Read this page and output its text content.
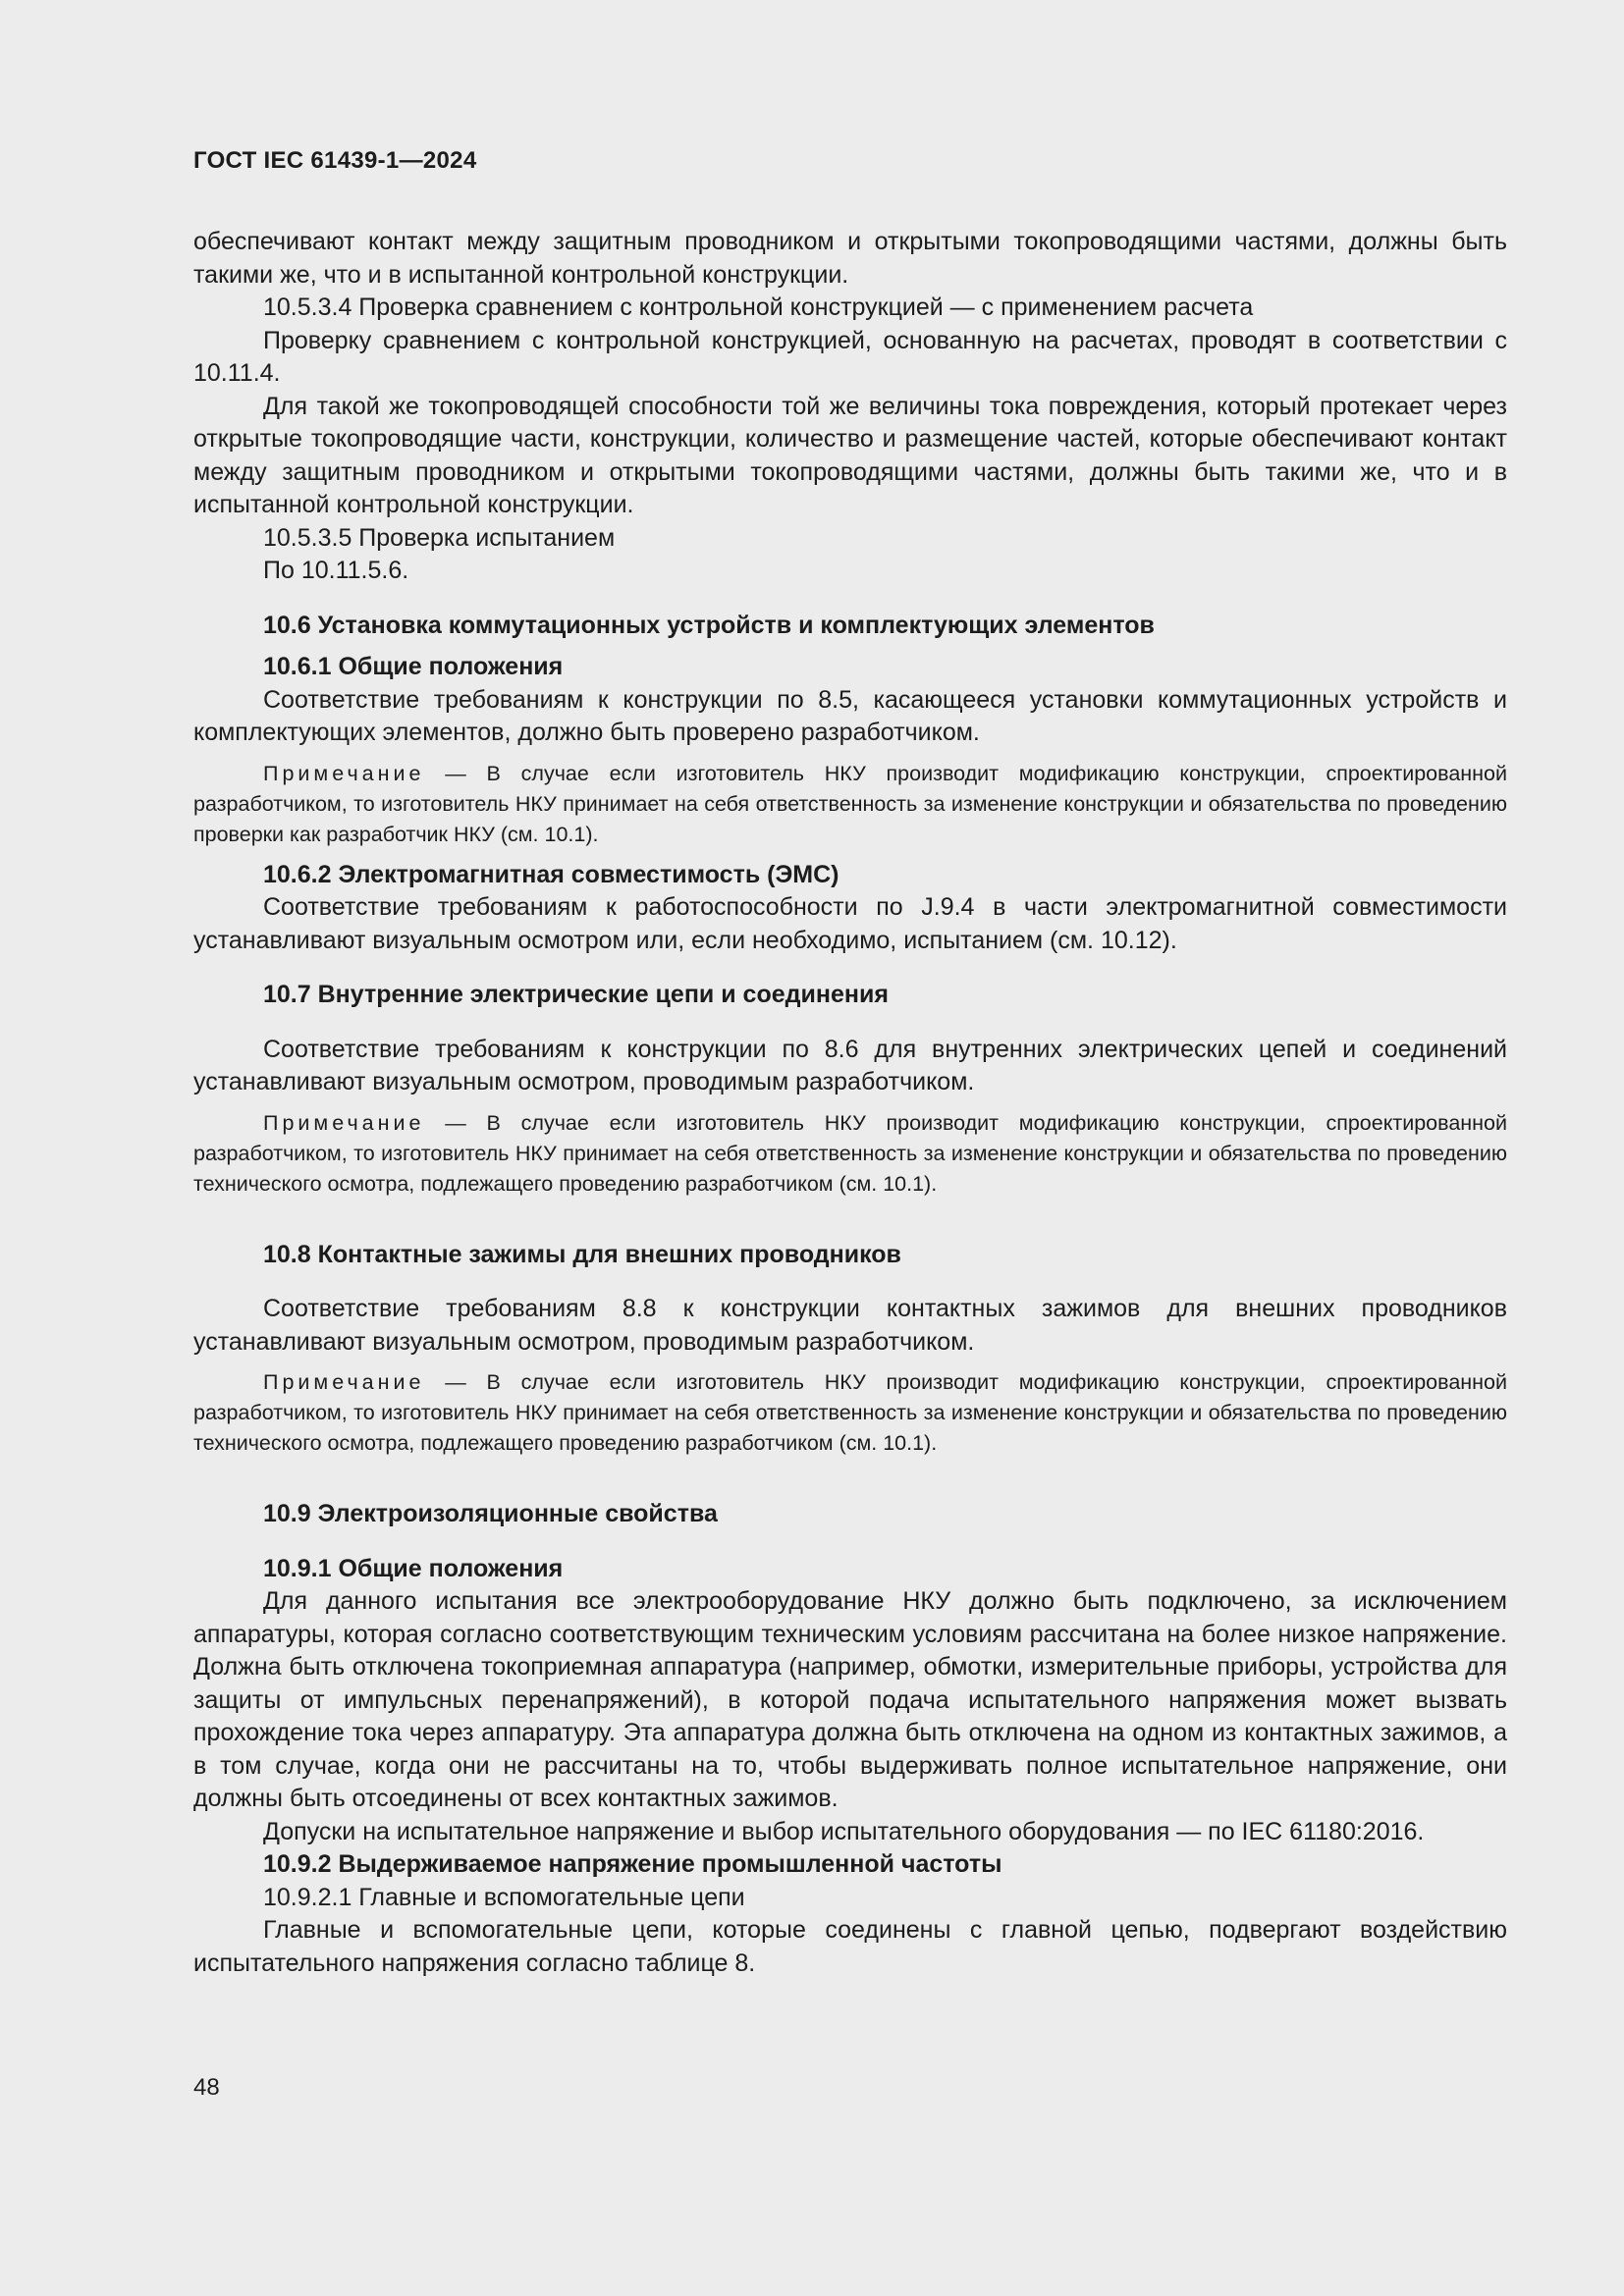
ГОСТ IEC 61439-1—2024

обеспечивают контакт между защитным проводником и открытыми токопроводящими частями, должны быть такими же, что и в испытанной контрольной конструкции.

10.5.3.4 Проверка сравнением с контрольной конструкцией — с применением расчета

Проверку сравнением с контрольной конструкцией, основанную на расчетах, проводят в соответствии с 10.11.4.

Для такой же токопроводящей способности той же величины тока повреждения, который протекает через открытые токопроводящие части, конструкции, количество и размещение частей, которые обеспечивают контакт между защитным проводником и открытыми токопроводящими частями, должны быть такими же, что и в испытанной контрольной конструкции.

10.5.3.5 Проверка испытанием

По 10.11.5.6.

10.6 Установка коммутационных устройств и комплектующих элементов

10.6.1 Общие положения

Соответствие требованиям к конструкции по 8.5, касающееся установки коммутационных устройств и комплектующих элементов, должно быть проверено разработчиком.

Примечание — В случае если изготовитель НКУ производит модификацию конструкции, спроектированной разработчиком, то изготовитель НКУ принимает на себя ответственность за изменение конструкции и обязательства по проведению проверки как разработчик НКУ (см. 10.1).

10.6.2 Электромагнитная совместимость (ЭМС)

Соответствие требованиям к работоспособности по J.9.4 в части электромагнитной совместимости устанавливают визуальным осмотром или, если необходимо, испытанием (см. 10.12).

10.7 Внутренние электрические цепи и соединения

Соответствие требованиям к конструкции по 8.6 для внутренних электрических цепей и соединений устанавливают визуальным осмотром, проводимым разработчиком.

Примечание — В случае если изготовитель НКУ производит модификацию конструкции, спроектированной разработчиком, то изготовитель НКУ принимает на себя ответственность за изменение конструкции и обязательства по проведению технического осмотра, подлежащего проведению разработчиком (см. 10.1).

10.8 Контактные зажимы для внешних проводников

Соответствие требованиям 8.8 к конструкции контактных зажимов для внешних проводников устанавливают визуальным осмотром, проводимым разработчиком.

Примечание — В случае если изготовитель НКУ производит модификацию конструкции, спроектированной разработчиком, то изготовитель НКУ принимает на себя ответственность за изменение конструкции и обязательства по проведению технического осмотра, подлежащего проведению разработчиком (см. 10.1).

10.9 Электроизоляционные свойства

10.9.1 Общие положения

Для данного испытания все электрооборудование НКУ должно быть подключено, за исключением аппаратуры, которая согласно соответствующим техническим условиям рассчитана на более низкое напряжение. Должна быть отключена токоприемная аппаратура (например, обмотки, измерительные приборы, устройства для защиты от импульсных перенапряжений), в которой подача испытательного напряжения может вызвать прохождение тока через аппаратуру. Эта аппаратура должна быть отключена на одном из контактных зажимов, а в том случае, когда они не рассчитаны на то, чтобы выдерживать полное испытательное напряжение, они должны быть отсоединены от всех контактных зажимов.

Допуски на испытательное напряжение и выбор испытательного оборудования — по IEC 61180:2016.

10.9.2 Выдерживаемое напряжение промышленной частоты

10.9.2.1 Главные и вспомогательные цепи

Главные и вспомогательные цепи, которые соединены с главной цепью, подвергают воздействию испытательного напряжения согласно таблице 8.

48
